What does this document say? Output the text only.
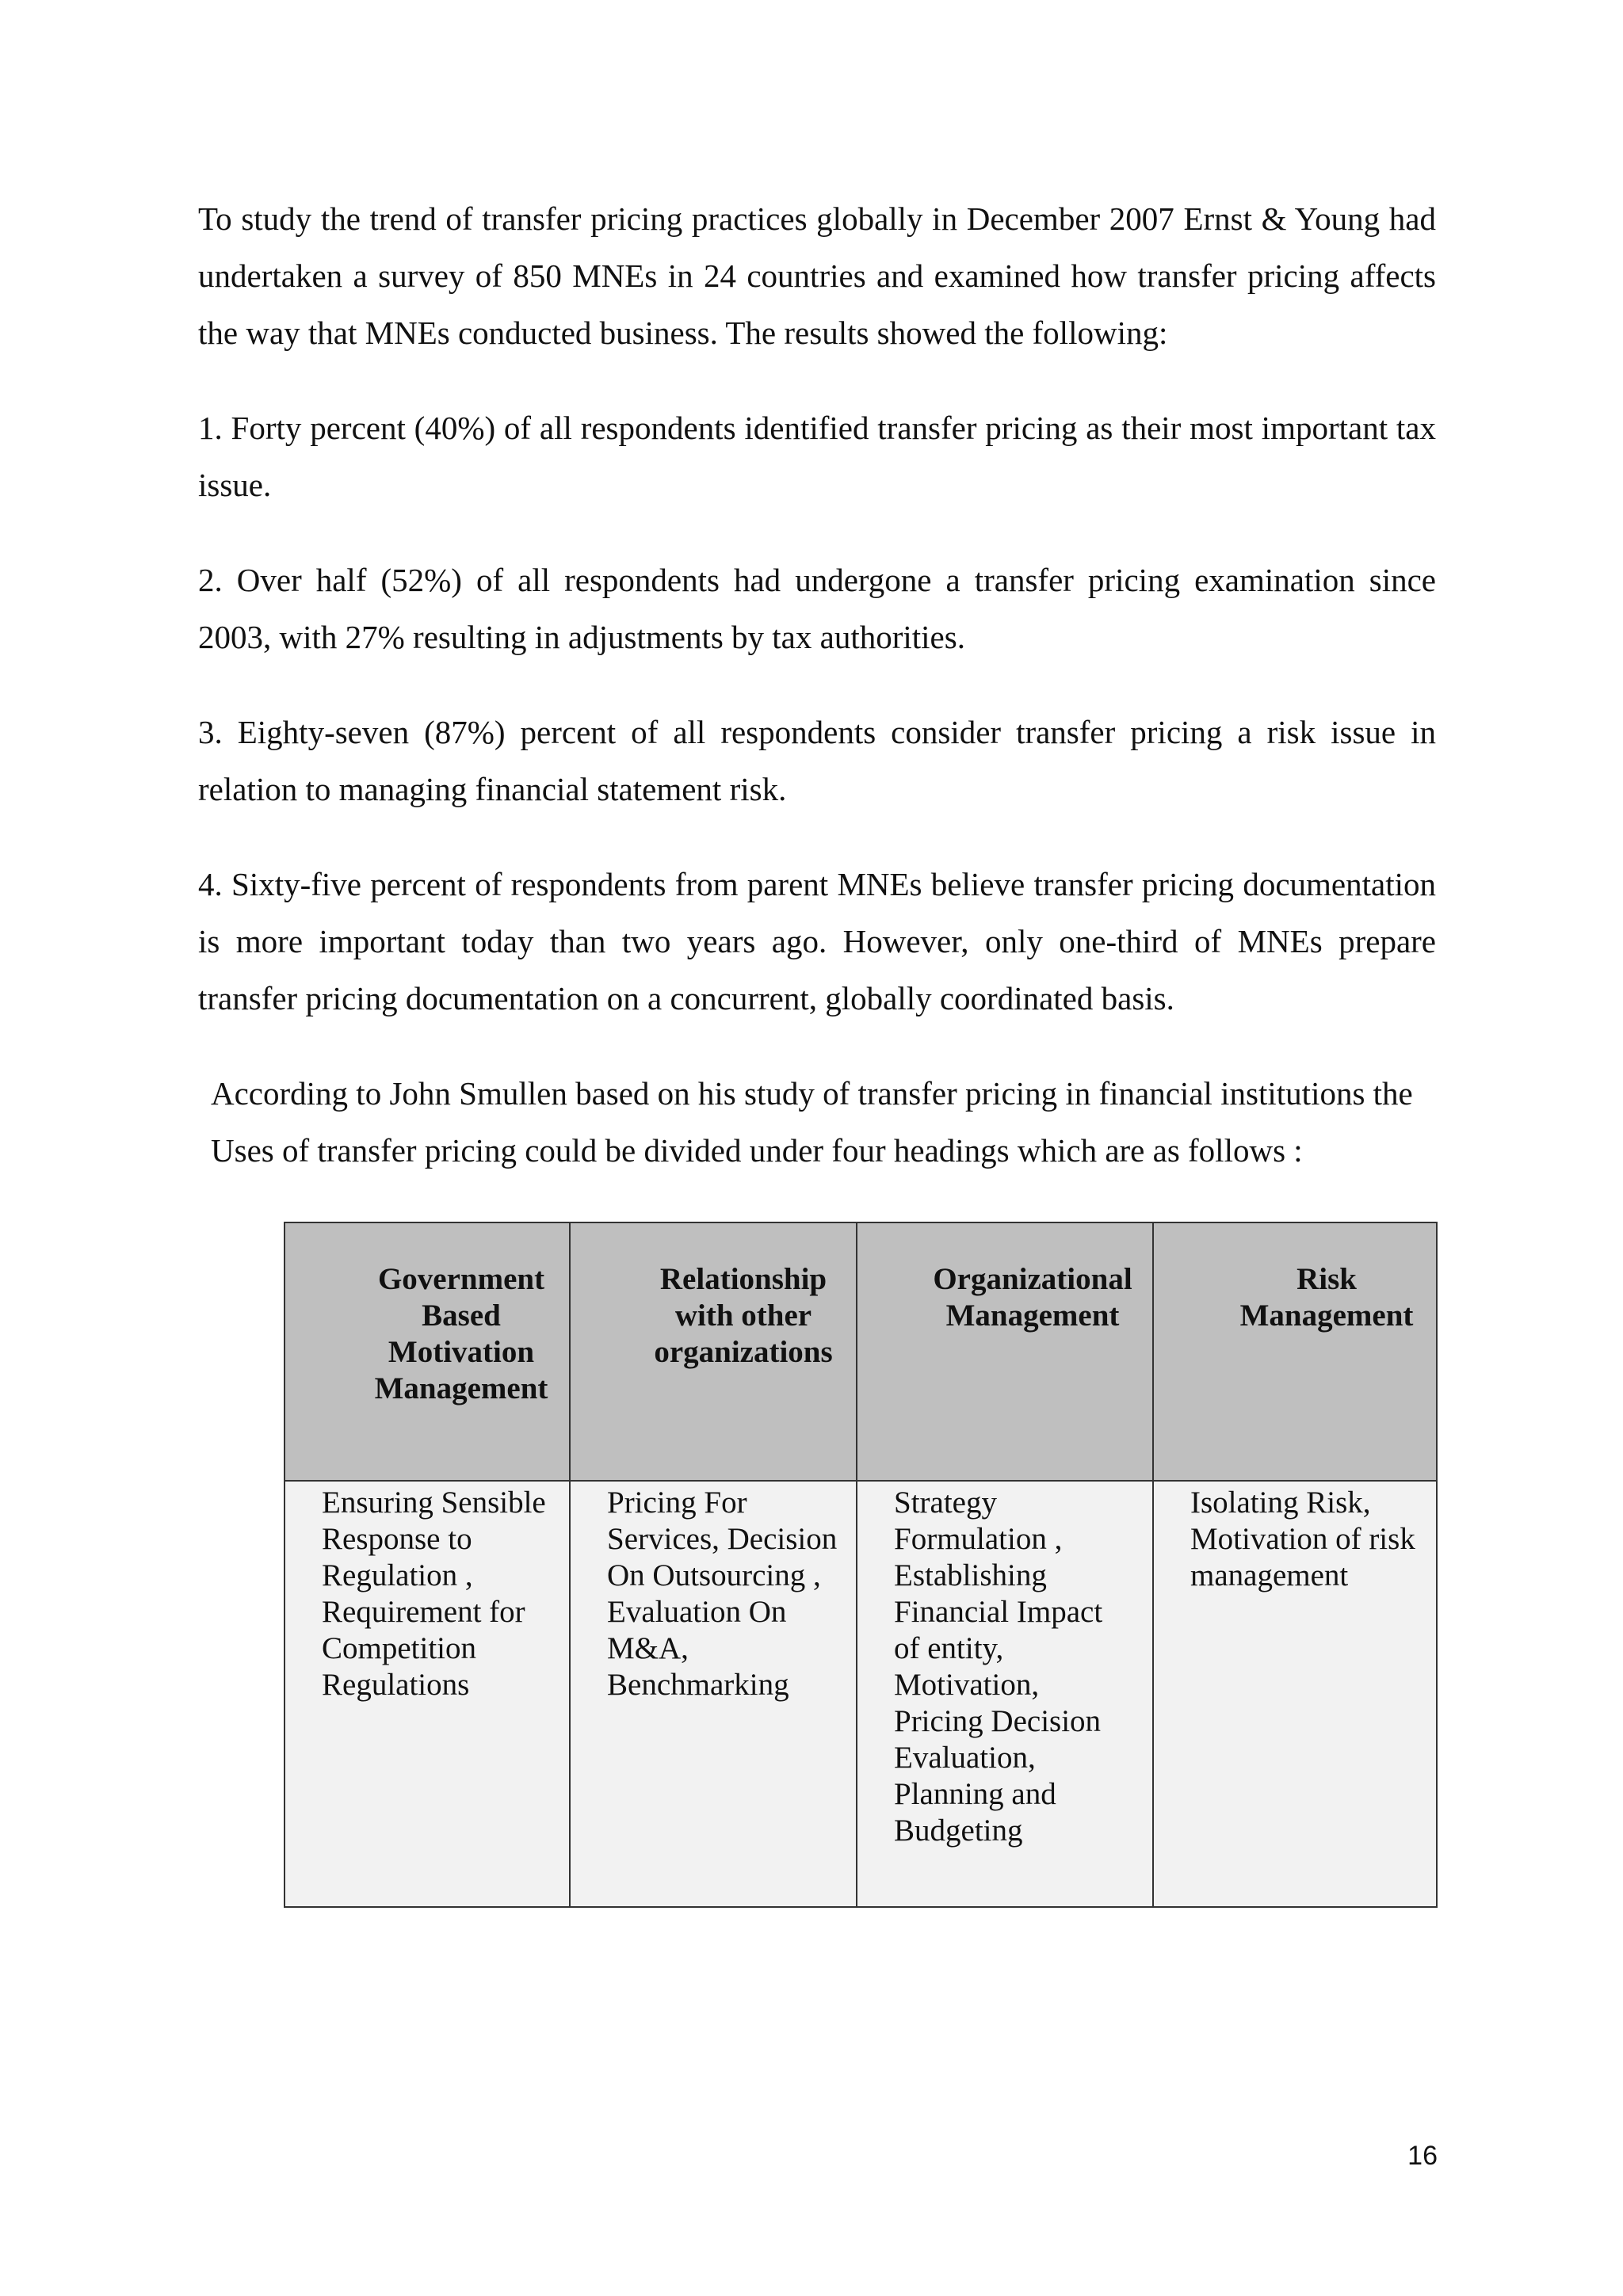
To study the trend of transfer pricing practices globally in December 2007 Ernst & Young had undertaken a survey of 850 MNEs in 24 countries and examined how transfer pricing affects the way that MNEs conducted business. The results showed the following:

1. Forty percent (40%) of all respondents identified transfer pricing as their most important tax issue.

2. Over half (52%) of all respondents had undergone a transfer pricing examination since 2003, with 27% resulting in adjustments by tax authorities.

3. Eighty-seven (87%) percent of all respondents consider transfer pricing a risk issue in relation to managing financial statement risk.

4. Sixty-five percent of respondents from parent MNEs believe transfer pricing documentation is more important today than two years ago. However, only one-third of MNEs prepare transfer pricing documentation on a concurrent, globally coordinated basis.

According to John Smullen based on his study of transfer pricing in financial institutions the
Uses of transfer pricing could be divided under four headings which are as follows :

Government Based Motivation Management	Relationship with other organizations	Organizational Management	Risk Management
Ensuring Sensible Response to Regulation , Requirement for Competition Regulations	Pricing For Services, Decision On Outsourcing , Evaluation On M&A, Benchmarking	Strategy Formulation , Establishing Financial Impact of entity, Motivation, Pricing Decision Evaluation, Planning and Budgeting	Isolating Risk, Motivation of risk management
16
